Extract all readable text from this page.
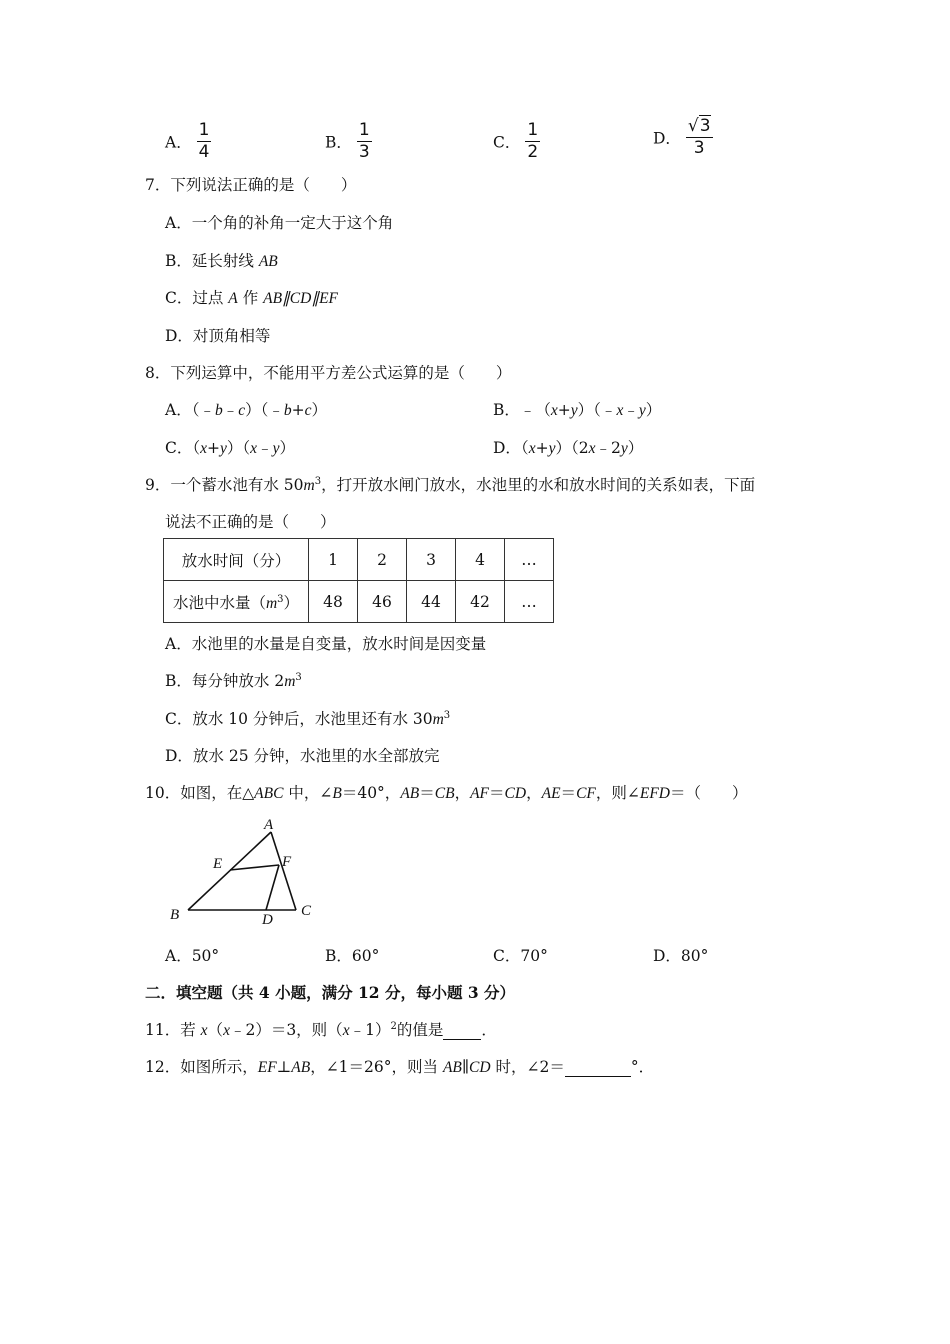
A． $\frac{1}{4}$	B． $\frac{1}{3}$	C． $\frac{1}{2}$	D． $\frac{√3}{3}$
7．下列说法正确的是（　　）
A．一个角的补角一定大于这个角
B．延长射线 AB
C．过点 A 作 AB∥CD∥EF
D．对顶角相等
8．下列运算中，不能用平方差公式运算的是（　　）
A．（﹣b﹣c）（﹣b+c）	B．﹣（x+y）（﹣x﹣y）
C．（x+y）（x﹣y）	D．（x+y）（2x﹣2y）
9．一个蓄水池有水 $50m^3$，打开放水闸门放水，水池里的水和放水时间的关系如表，下面
说法不正确的是（　　）
放水时间（分）	1	2	3	4	…
水池中水量$(m^3)$	48	46	44	42	…
A．水池里的水量是自变量，放水时间是因变量
B．每分钟放水 $2m^3$
C．放水 10 分钟后，水池里还有水 $30m^3$
D．放水 25 分钟，水池里的水全部放完
10．如图，在△ABC 中，∠B＝40°，AB＝CB，AF＝CD，AE＝CF，则∠EFD＝（　　）
A
E	F
B	D
C
A．50°	B．60°	C．70°	D．80°
二．填空题（共 4 小题，满分 12 分，每小题 3 分）
11．若 x（x﹣2）＝3，则（x﹣1）$^2$的值是 ．
12．如图所示，EF⊥AB，∠1＝26°，则当 AB∥CD 时，∠2＝	°．
